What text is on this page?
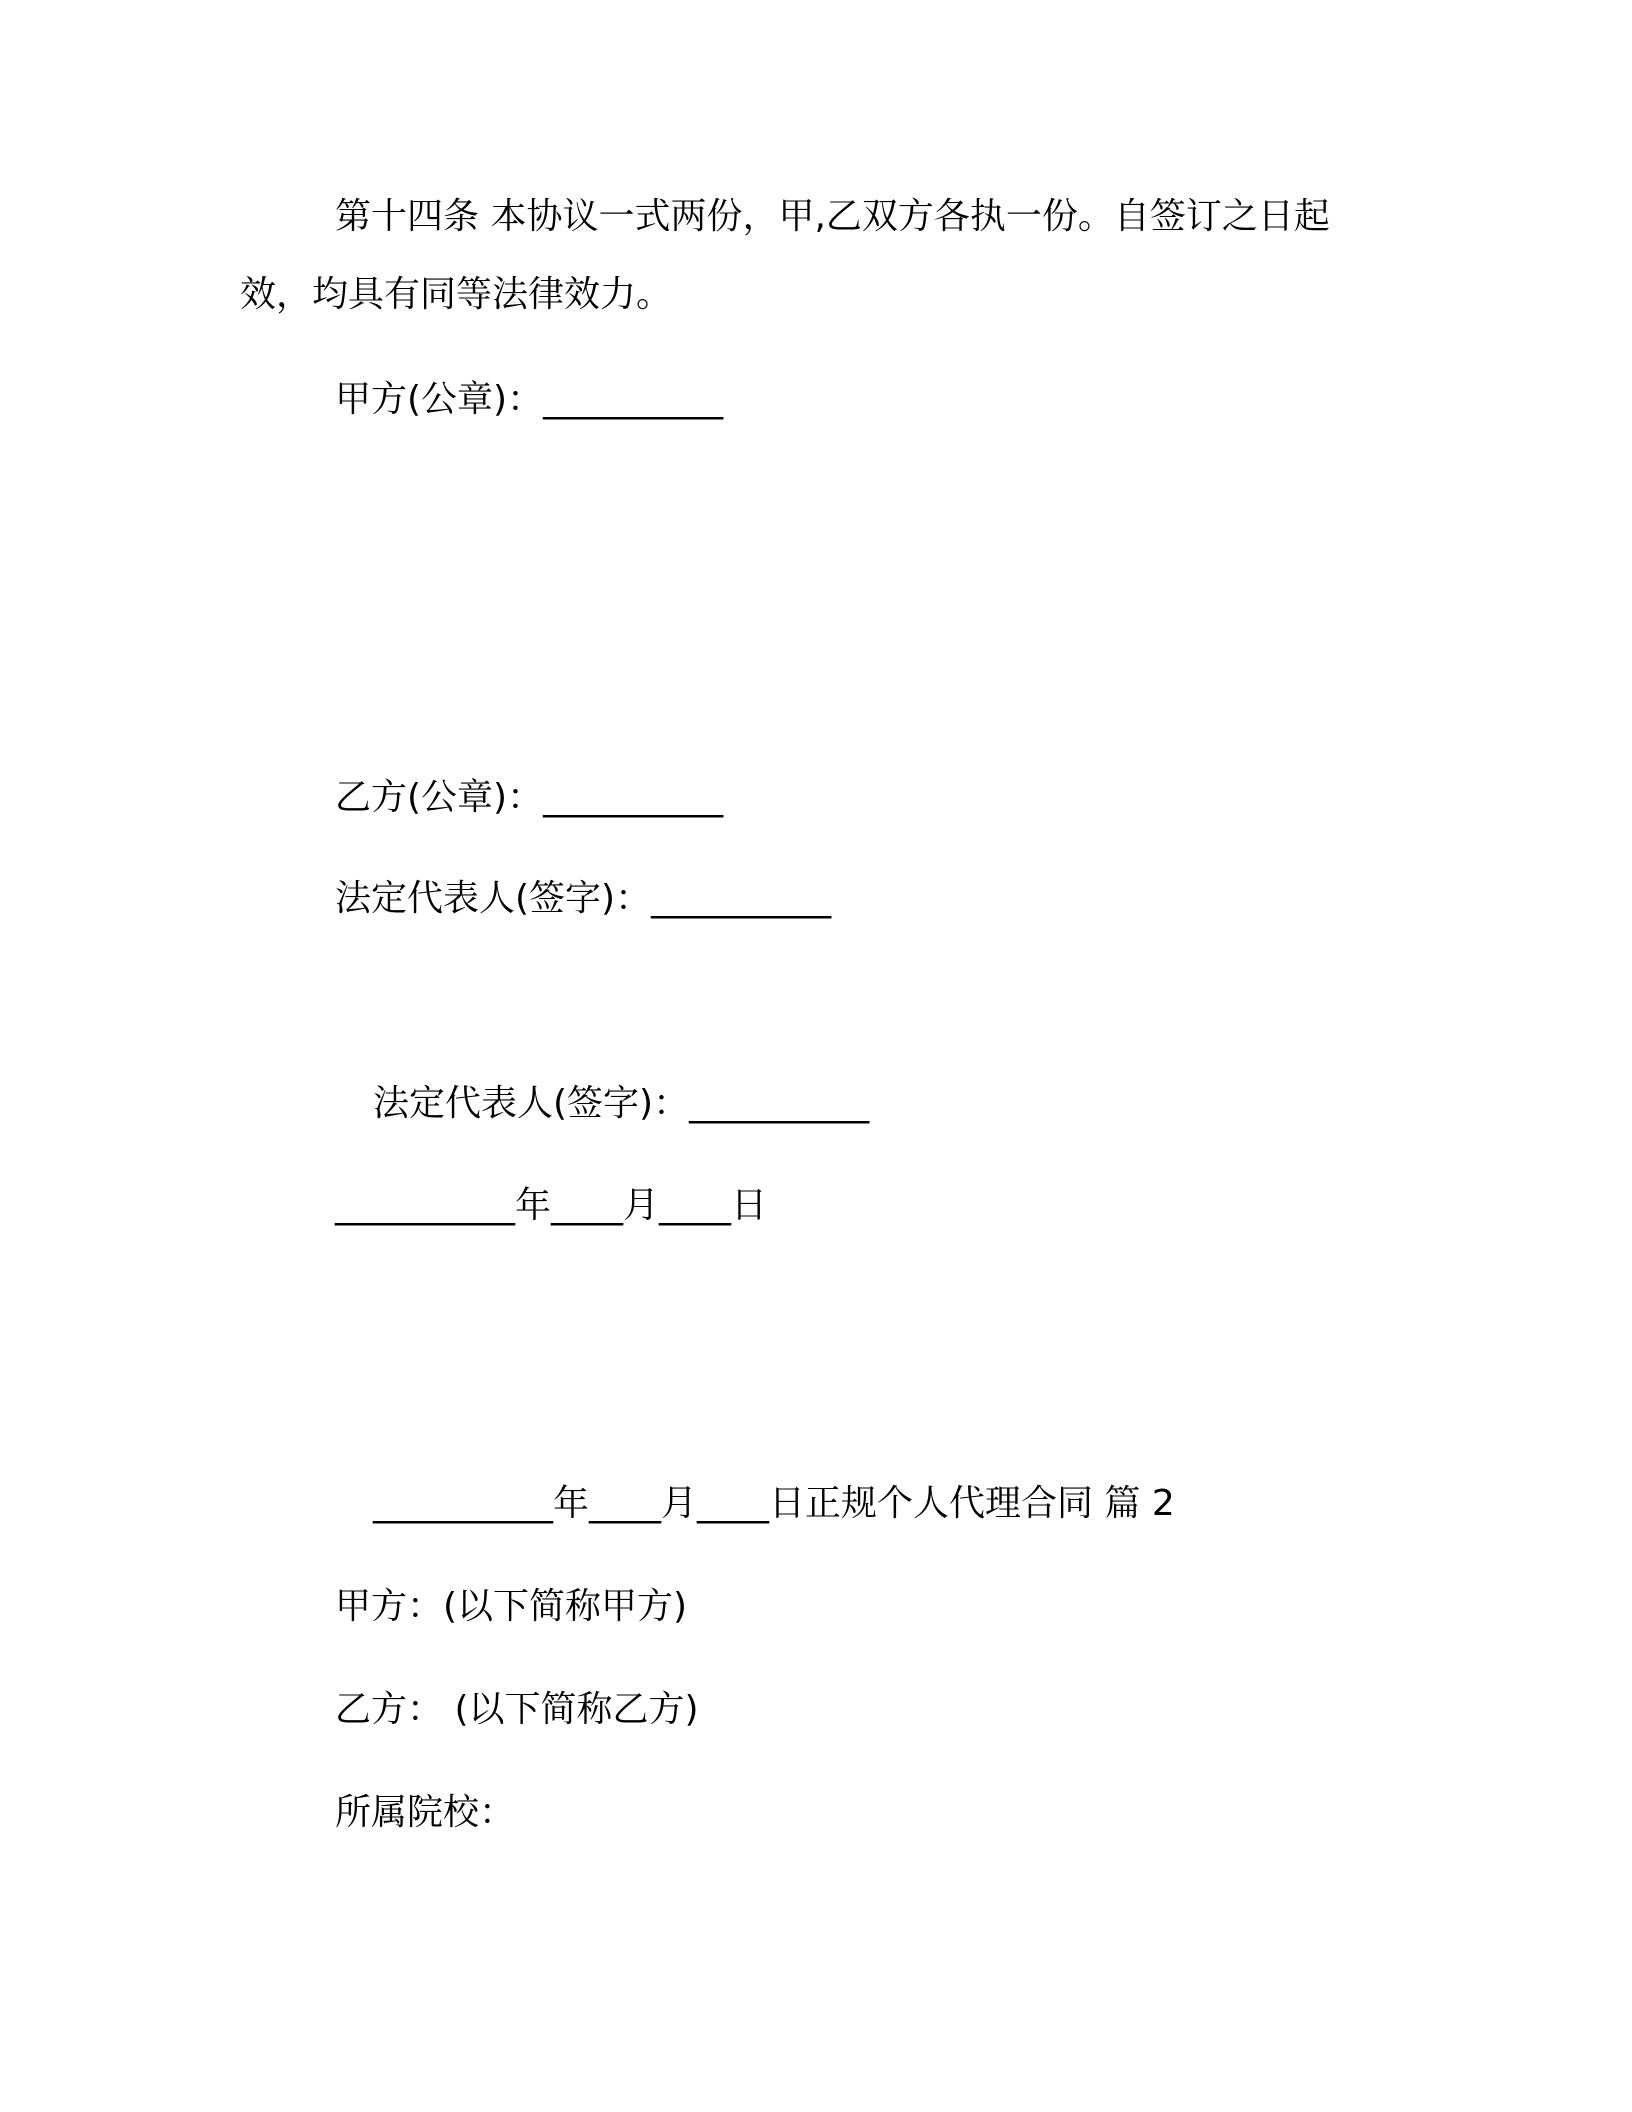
第十四条 本协议一式两份，甲,乙双方各执一份。自签订之日起
效，均具有同等法律效力。
甲方(公章)：__________
乙方(公章)：__________
法定代表人(签字)：__________
法定代表人(签字)：__________
__________年____月____日
__________年____月____日正规个人代理合同 篇 2
甲方：(以下简称甲方)
乙方： (以下简称乙方)
所属院校：
